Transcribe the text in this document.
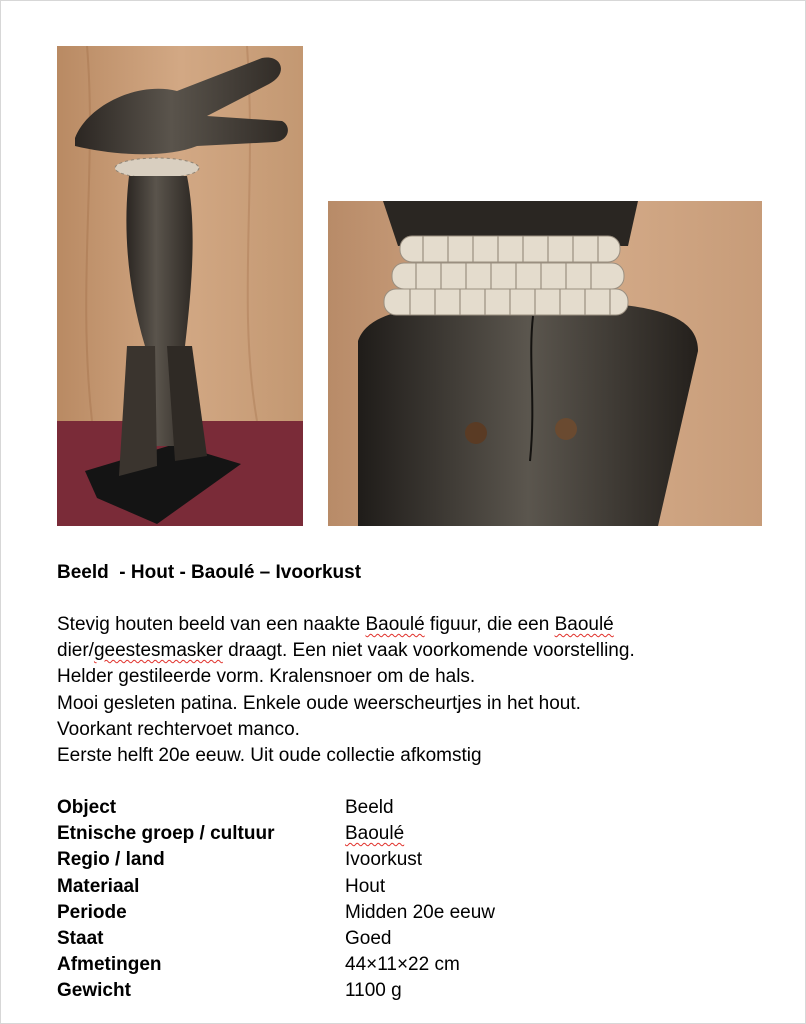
Beeld  - Hout - Baoulé – Ivoorkust
Stevig houten beeld van een naakte Baoulé figuur, die een Baoulé
dier/geestesmasker draagt. Een niet vaak voorkomende voorstelling.
Helder gestileerde vorm. Kralensnoer om de hals.
Mooi gesleten patina. Enkele oude weerscheurtjes in het hout.
Voorkant rechtervoet manco.
Eerste helft 20e eeuw. Uit oude collectie afkomstig
Object	Beeld
Etnische groep / cultuur	Baoulé
Regio / land	Ivoorkust
Materiaal	Hout
Periode	Midden 20e eeuw
Staat	Goed
Afmetingen	44×11×22 cm
Gewicht	1100 g
